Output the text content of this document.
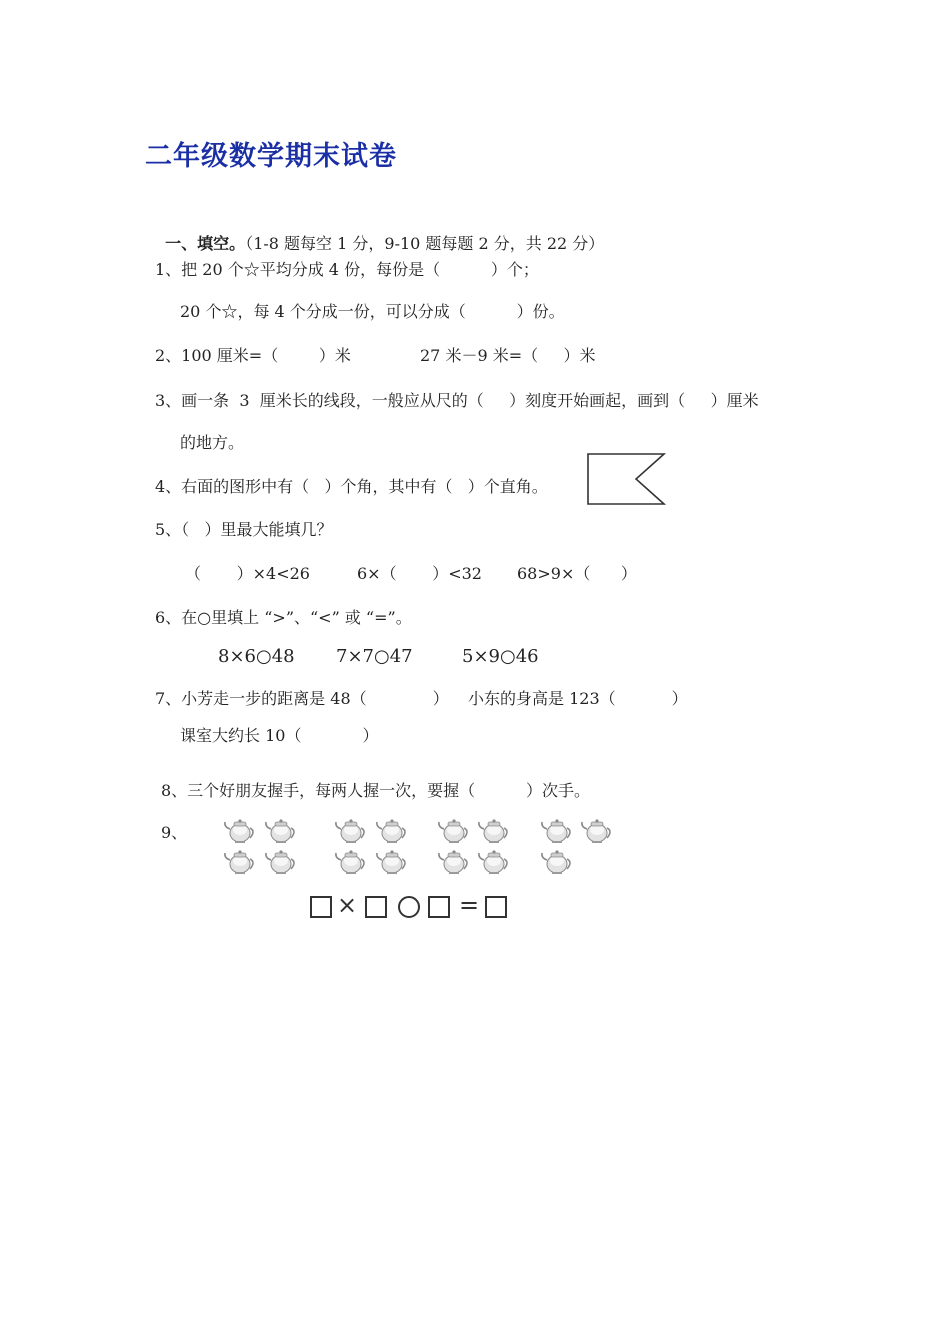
二年级数学期末试卷

一、填空。（1-8 题每空 1 分，9-10 题每题 2 分，共 22 分）

1、把 20 个☆平均分成 4 份，每份是（          ）个；
20 个☆，每 4 个分成一份，可以分成（          ）份。
2、100 厘米=（        ）米	27 米－9 米=（     ）米
3、画一条  3  厘米长的线段，一般应从尺的（     ）刻度开始画起，画到（     ）厘米
的地方。
4、右面的图形中有（   ）个角，其中有（   ）个直角。
5、（   ）里最大能填几？
（       ）×4<26	6×（       ）<32 68>9×（      ）
6、在○里填上 “>”、“<” 或 “=”。
8×6○48 7×7○47	5×9○46
7、小芳走一步的距离是 48（             ） 小东的身高是 123（           ）
课室大约长 10（            ）
8、三个好朋友握手，每两人握一次，要握（          ）次手。
9、
×	=
